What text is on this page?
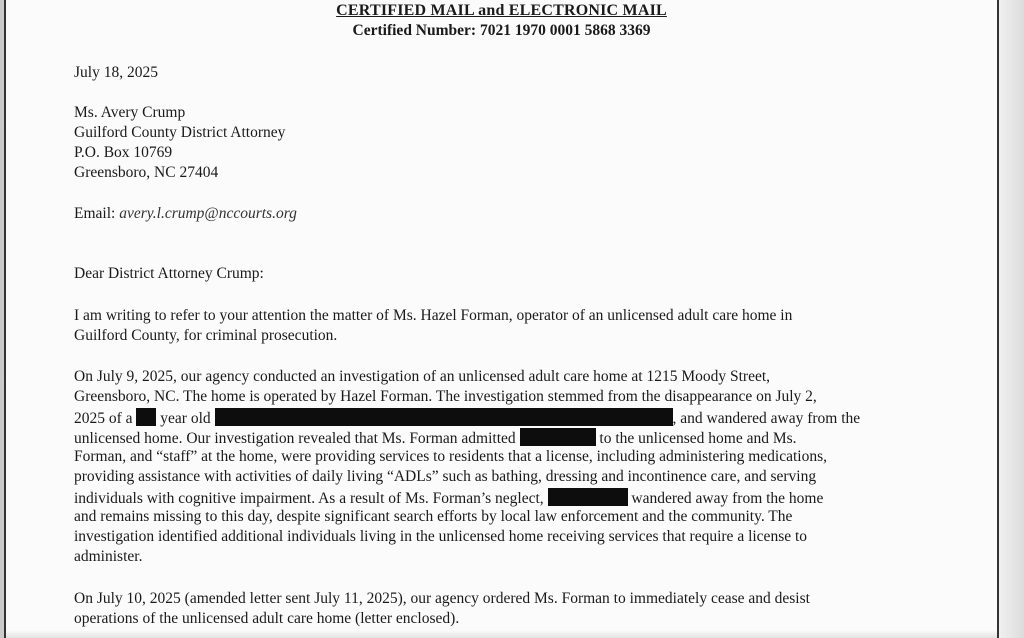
CERTIFIED MAIL and ELECTRONIC MAIL
Certified Number: 7021 1970 0001 5868 3369
July 18, 2025
Ms. Avery Crump
Guilford County District Attorney
P.O. Box 10769
Greensboro, NC 27404
Email: avery.l.crump@nccourts.org
Dear District Attorney Crump:
I am writing to refer to your attention the matter of Ms. Hazel Forman, operator of an unlicensed adult care home in
Guilford County, for criminal prosecution.
On July 9, 2025, our agency conducted an investigation of an unlicensed adult care home at 1215 Moody Street,
Greensboro, NC. The home is operated by Hazel Forman. The investigation stemmed from the disappearance on July 2,
2025 of a year old	, and wandered away from the
unlicensed home. Our investigation revealed that Ms. Forman admitted	to the unlicensed home and Ms.
Forman, and “staff” at the home, were providing services to residents that a license, including administering medications,
providing assistance with activities of daily living “ADLs” such as bathing, dressing and incontinence care, and serving
individuals with cognitive impairment. As a result of Ms. Forman’s neglect,	wandered away from the home
and remains missing to this day, despite significant search efforts by local law enforcement and the community. The
investigation identified additional individuals living in the unlicensed home receiving services that require a license to
administer.
On July 10, 2025 (amended letter sent July 11, 2025), our agency ordered Ms. Forman to immediately cease and desist
operations of the unlicensed adult care home (letter enclosed).
